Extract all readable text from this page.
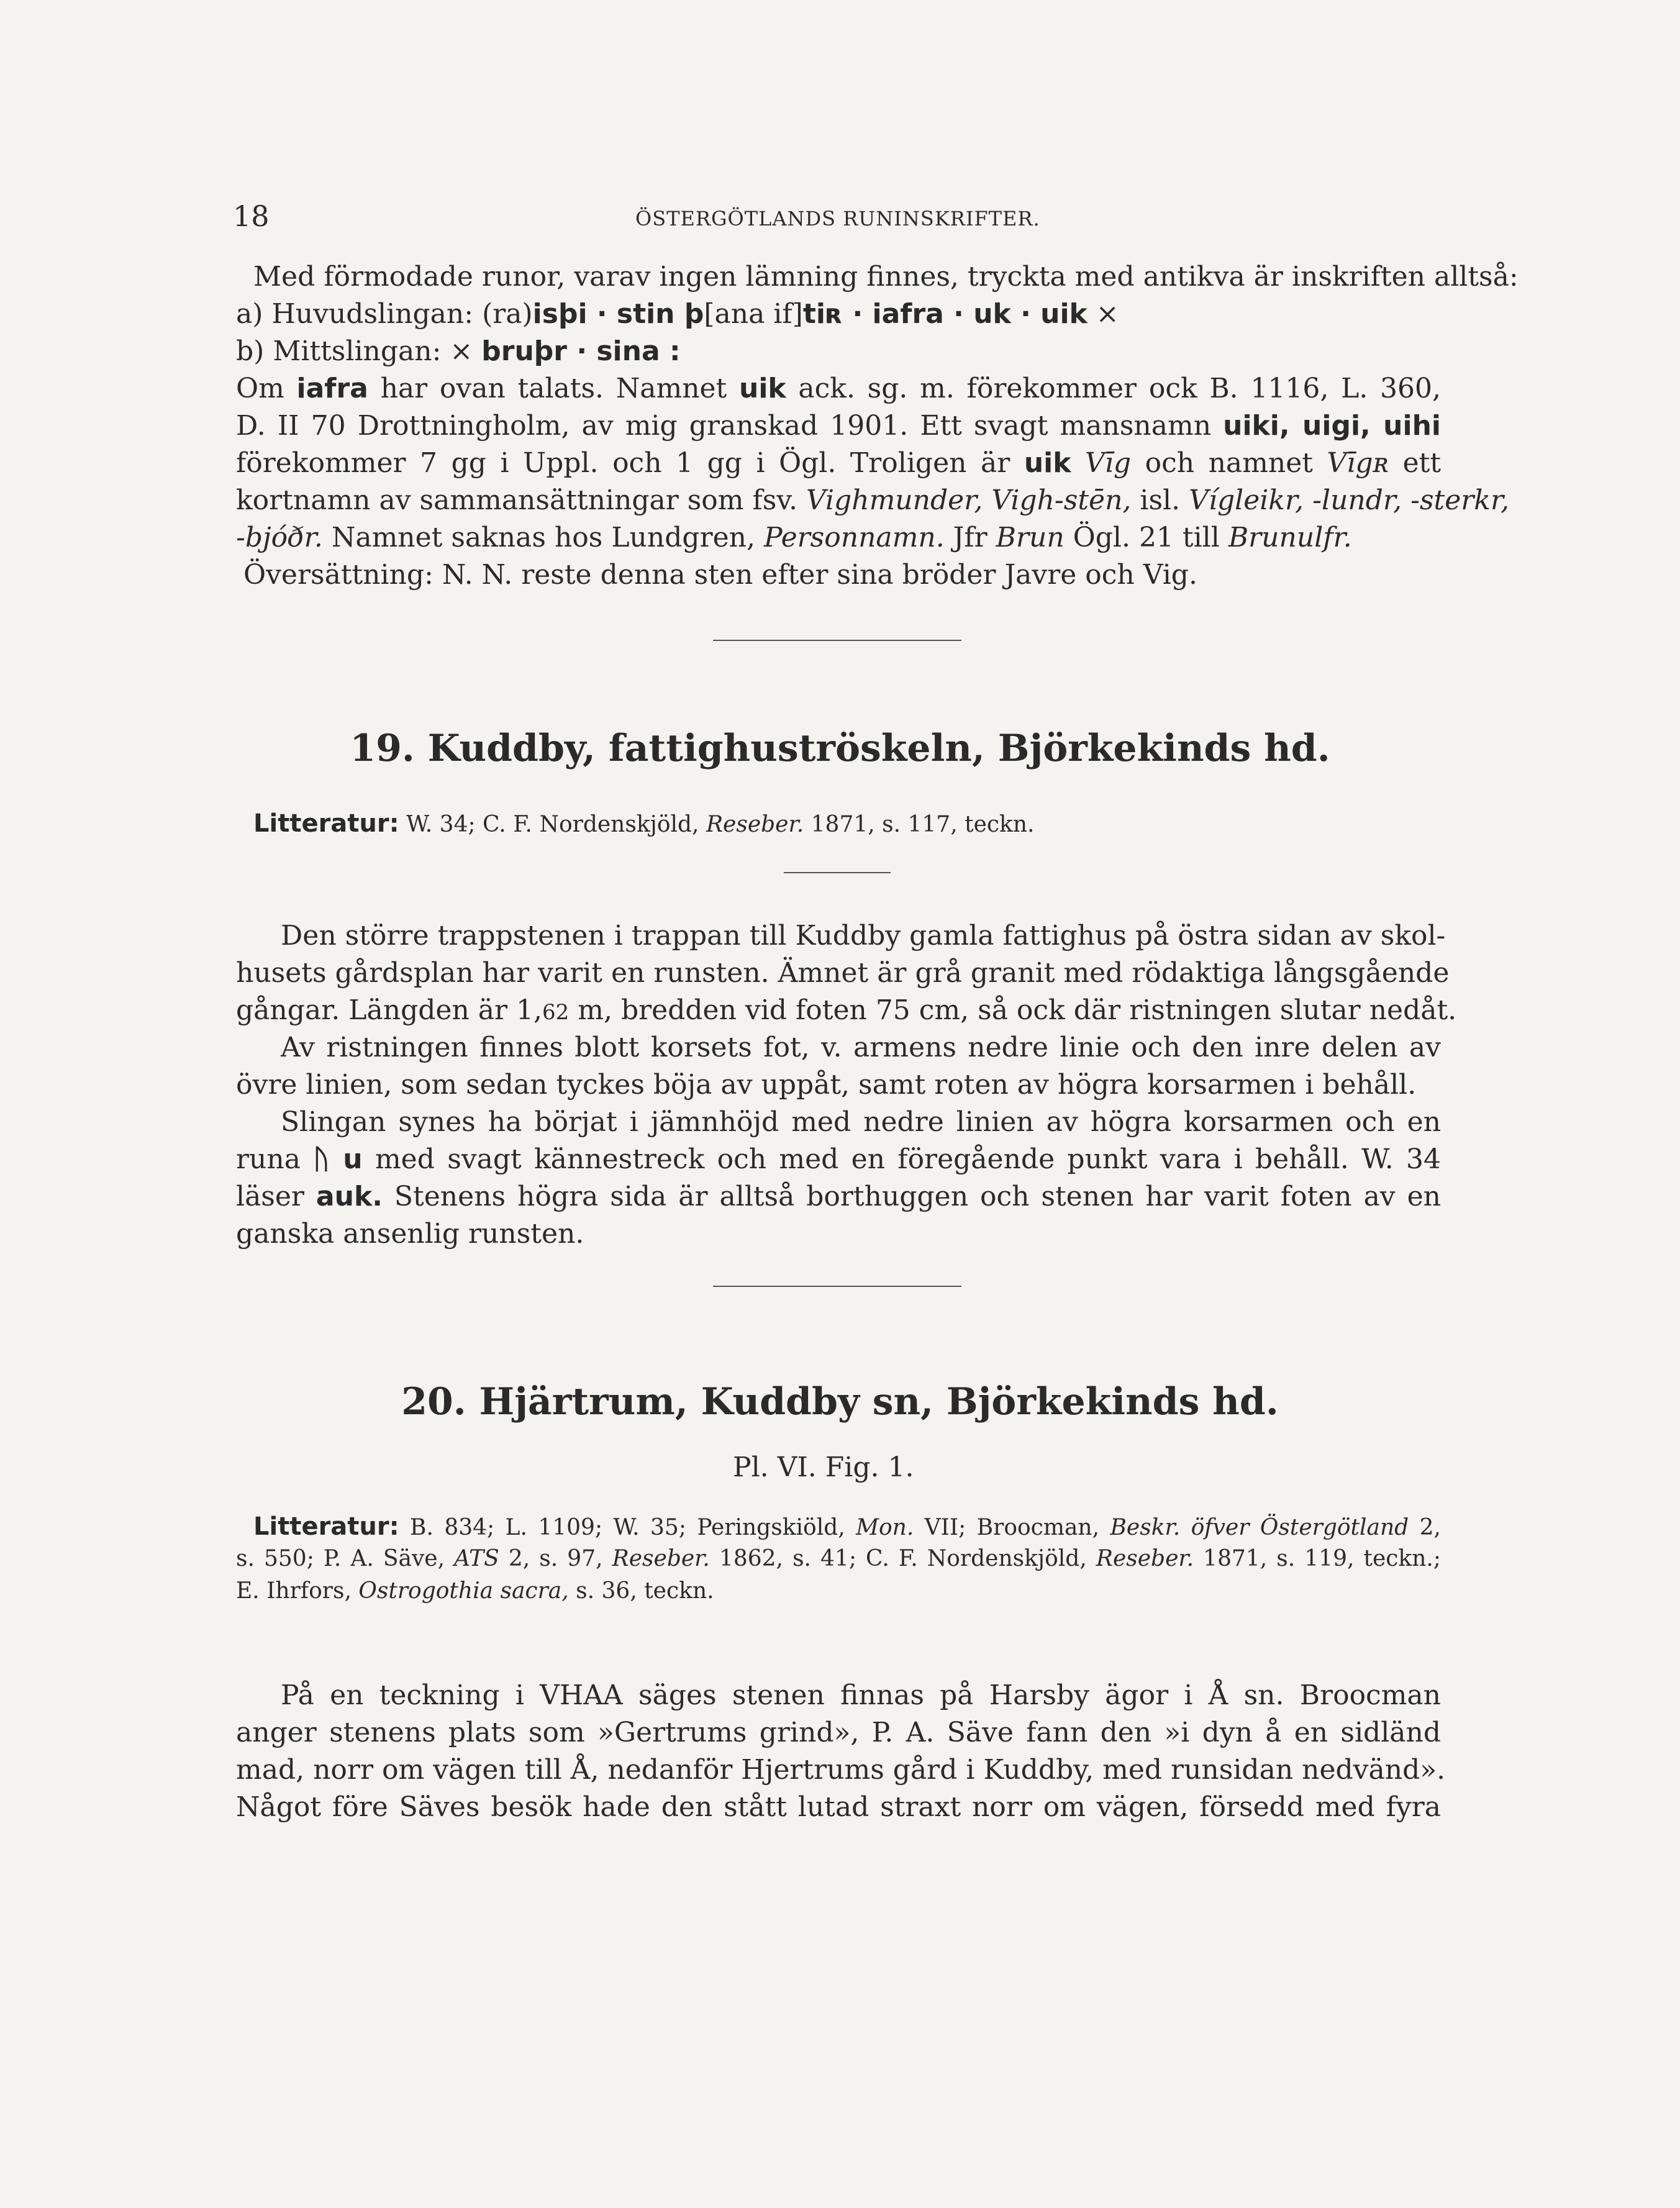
18	ÖSTERGÖTLANDS RUNINSKRIFTER.
Med förmodade runor, varav ingen lämning finnes, tryckta med antikva är inskriften alltså:
a) Huvudslingan: (ra)isþi · stin þ[ana if]tiʀ · iafra · uk · uik ×
b) Mittslingan: × bruþr · sina :
Om iafra har ovan talats. Namnet uik ack. sg. m. förekommer ock B. 1116, L. 360,
D. II 70 Drottningholm, av mig granskad 1901. Ett svagt mansnamn uiki, uigi, uihi
förekommer 7 gg i Uppl. och 1 gg i Ögl. Troligen är uik Vīg och namnet Vīgʀ ett
kortnamn av sammansättningar som fsv. Vighmunder, Vigh-stēn, isl. Vígleikr, -lundr, -sterkr,
-bjóðr. Namnet saknas hos Lundgren, Personnamn. Jfr Brun Ögl. 21 till Brunulfr.
Översättning: N. N. reste denna sten efter sina bröder Javre och Vig.
19. Kuddby, fattighuströskeln, Björkekinds hd.
Litteratur: W. 34; C. F. Nordenskjöld, Reseber. 1871, s. 117, teckn.
Den större trappstenen i trappan till Kuddby gamla fattighus på östra sidan av skol-
husets gårdsplan har varit en runsten. Ämnet är grå granit med rödaktiga långsgående
gångar. Längden är 1,62 m, bredden vid foten 75 cm, så ock där ristningen slutar nedåt.
Av ristningen finnes blott korsets fot, v. armens nedre linie och den inre delen av
övre linien, som sedan tyckes böja av uppåt, samt roten av högra korsarmen i behåll.
Slingan synes ha börjat i jämnhöjd med nedre linien av högra korsarmen och en
runa ᚢ u med svagt kännestreck och med en föregående punkt vara i behåll. W. 34
läser auk. Stenens högra sida är alltså borthuggen och stenen har varit foten av en
ganska ansenlig runsten.
20. Hjärtrum, Kuddby sn, Björkekinds hd.
Pl. VI. Fig. 1.
Litteratur: B. 834; L. 1109; W. 35; Peringskiöld, Mon. VII; Broocman, Beskr. öfver Östergötland 2,
s. 550; P. A. Säve, ATS 2, s. 97, Reseber. 1862, s. 41; C. F. Nordenskjöld, Reseber. 1871, s. 119, teckn.;
E. Ihrfors, Ostrogothia sacra, s. 36, teckn.
På en teckning i VHAA säges stenen finnas på Harsby ägor i Å sn. Broocman
anger stenens plats som »Gertrums grind», P. A. Säve fann den »i dyn å en sidländ
mad, norr om vägen till Å, nedanför Hjertrums gård i Kuddby, med runsidan nedvänd».
Något före Säves besök hade den stått lutad straxt norr om vägen, försedd med fyra
